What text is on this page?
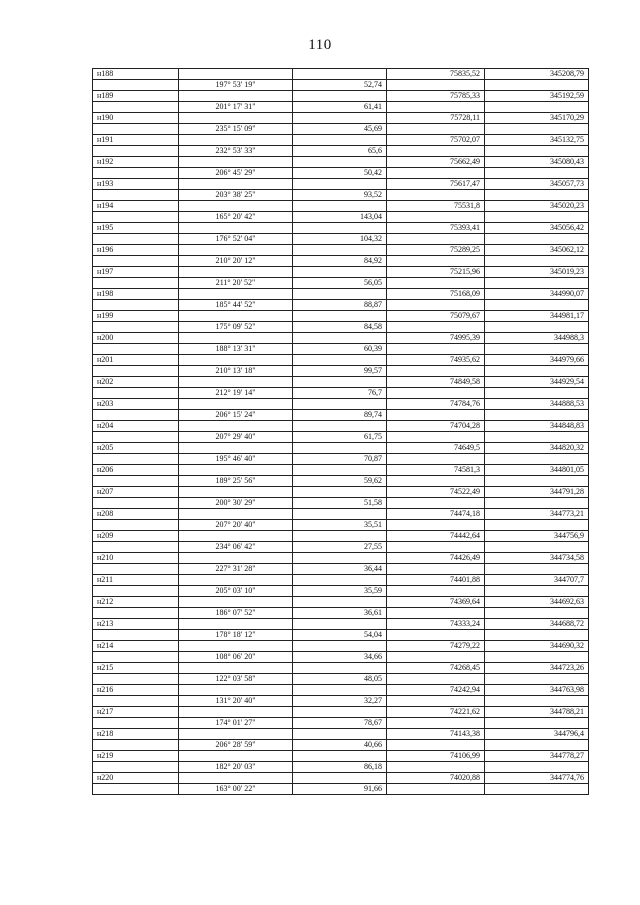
110
н188			75835,52	345208,79
	197° 53' 19"	52,74		
н189			75785,33	345192,59
	201° 17' 31"	61,41		
н190			75728,11	345170,29
	235° 15' 09"	45,69		
н191			75702,07	345132,75
	232° 53' 33"	65,6		
н192			75662,49	345080,43
	206° 45' 29"	50,42		
н193			75617,47	345057,73
	203° 38' 25"	93,52		
н194			75531,8	345020,23
	165° 20' 42"	143,04		
н195			75393,41	345056,42
	176° 52' 04"	104,32		
н196			75289,25	345062,12
	210° 20' 12"	84,92		
н197			75215,96	345019,23
	211° 20' 52"	56,05		
н198			75168,09	344990,07
	185° 44' 52"	88,87		
н199			75079,67	344981,17
	175° 09' 52"	84,58		
н200			74995,39	344988,3
	188° 13' 31"	60,39		
н201			74935,62	344979,66
	210° 13' 18"	99,57		
н202			74849,58	344929,54
	212° 19' 14"	76,7		
н203			74784,76	344888,53
	206° 15' 24"	89,74		
н204			74704,28	344848,83
	207° 29' 40"	61,75		
н205			74649,5	344820,32
	195° 46' 40"	70,87		
н206			74581,3	344801,05
	189° 25' 56"	59,62		
н207			74522,49	344791,28
	200° 30' 29"	51,58		
н208			74474,18	344773,21
	207° 20' 40"	35,51		
н209			74442,64	344756,9
	234° 06' 42"	27,55		
н210			74426,49	344734,58
	227° 31' 28"	36,44		
н211			74401,88	344707,7
	205° 03' 10"	35,59		
н212			74369,64	344692,63
	186° 07' 52"	36,61		
н213			74333,24	344688,72
	178° 18' 12"	54,04		
н214			74279,22	344690,32
	108° 06' 20"	34,66		
н215			74268,45	344723,26
	122° 03' 58"	48,05		
н216			74242,94	344763,98
	131° 20' 40"	32,27		
н217			74221,62	344788,21
	174° 01' 27"	78,67		
н218			74143,38	344796,4
	206° 28' 59"	40,66		
н219			74106,99	344778,27
	182° 20' 03"	86,18		
н220			74020,88	344774,76
	163° 00' 22"	91,66		
